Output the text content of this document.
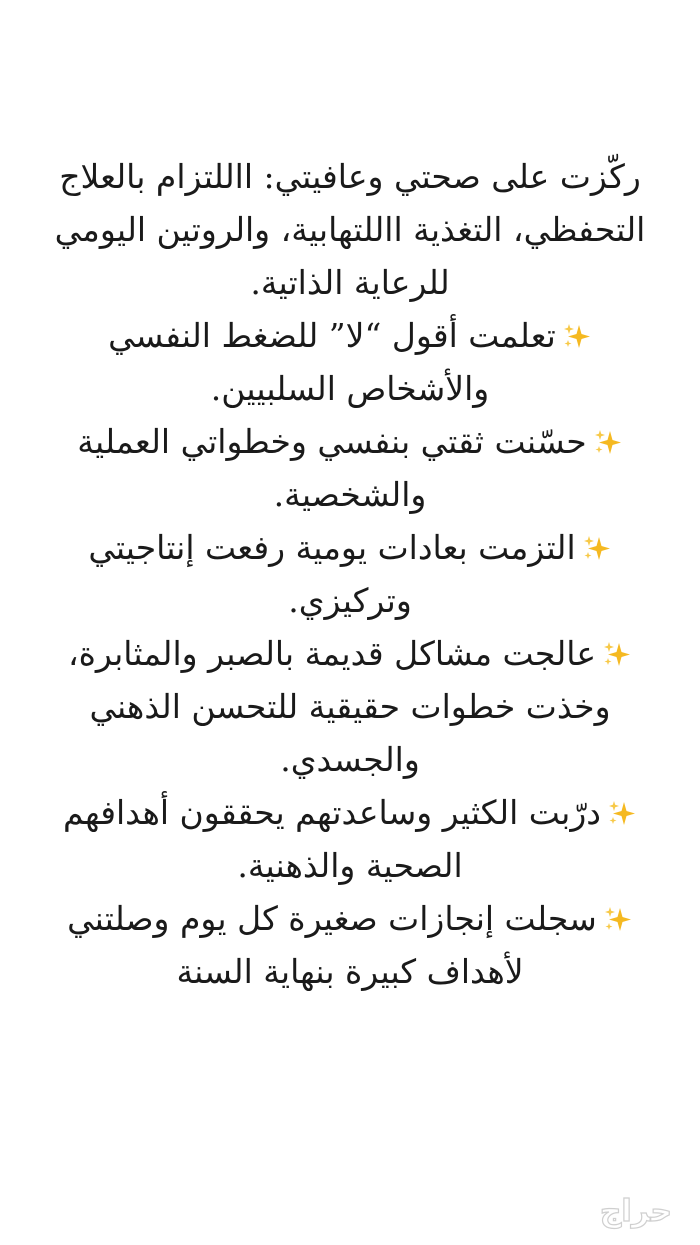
ركّزت على صحتي وعافيتي: االلتزام بالعلاج التحفظي، التغذية االلتهابية، والروتين اليومي للرعاية الذاتية.

تعلمت أقول “لا” للضغط النفسي والأشخاص السلبيين.

حسّنت ثقتي بنفسي وخطواتي العملية والشخصية.

التزمت بعادات يومية رفعت إنتاجيتي وتركيزي.

عالجت مشاكل قديمة بالصبر والمثابرة، وخذت خطوات حقيقية للتحسن الذهني والجسدي.

درّبت الكثير وساعدتهم يحققون أهدافهم الصحية والذهنية.

سجلت إنجازات صغيرة كل يوم وصلتني لأهداف كبيرة بنهاية السنة

حراج
